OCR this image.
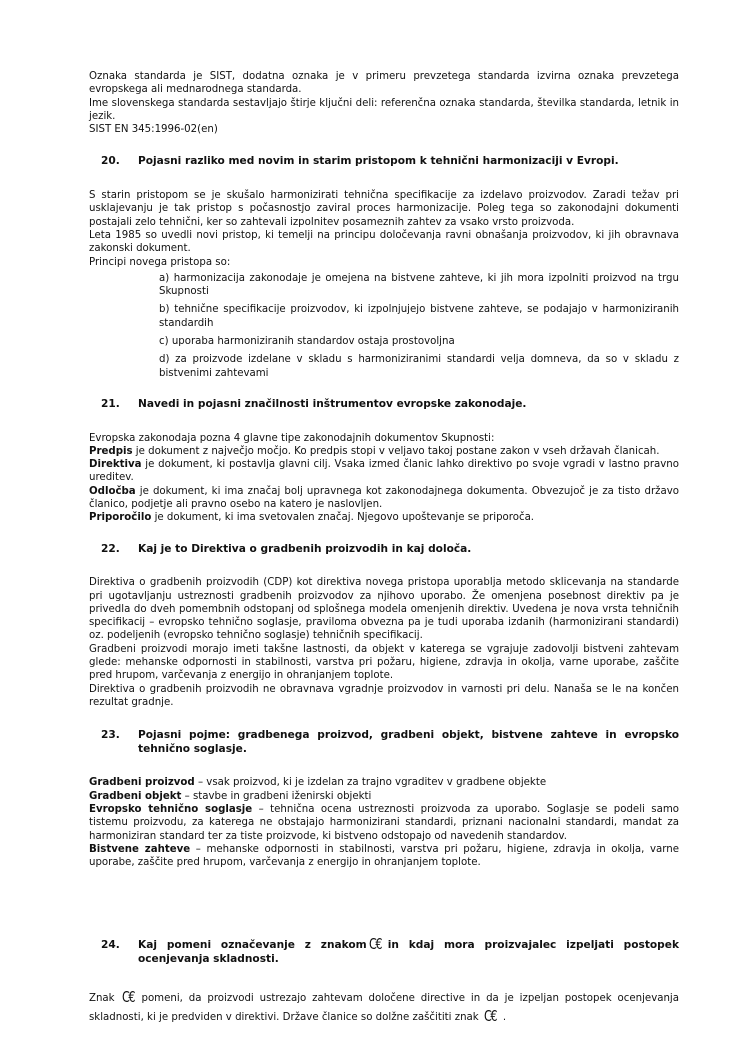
Oznaka standarda je SIST, dodatna oznaka je v primeru prevzetega standarda izvirna oznaka prevzetega evropskega ali mednarodnega standarda.

Ime slovenskega standarda sestavljajo štirje ključni deli: referenčna oznaka standarda, številka standarda, letnik in jezik.

SIST EN 345:1996-02(en)

20.	Pojasni razliko med novim in starim pristopom k tehnični harmonizaciji v Evropi.

S starin pristopom se je skušalo harmonizirati tehnična specifikacije za izdelavo proizvodov. Zaradi težav pri usklajevanju je tak pristop s počasnostjo zaviral proces harmonizacije. Poleg tega so zakonodajni dokumenti postajali zelo tehnični, ker so zahtevali izpolnitev posameznih zahtev za vsako vrsto proizvoda.

Leta 1985 so uvedli novi pristop, ki temelji na principu določevanja ravni obnašanja proizvodov, ki jih obravnava zakonski dokument.

Principi novega pristopa so:

a) harmonizacija zakonodaje je omejena na bistvene zahteve, ki jih mora izpolniti proizvod na trgu Skupnosti

b) tehnične specifikacije proizvodov, ki izpolnjujejo bistvene zahteve, se podajajo v harmoniziranih standardih

c) uporaba harmoniziranih standardov ostaja prostovoljna

d) za proizvode izdelane v skladu s harmoniziranimi standardi velja domneva, da so v skladu z bistvenimi zahtevami

21.	Navedi in pojasni značilnosti inštrumentov evropske zakonodaje.

Evropska zakonodaja pozna 4 glavne tipe zakonodajnih dokumentov Skupnosti:

Predpis je dokument z največjo močjo. Ko predpis stopi v veljavo takoj postane zakon v vseh državah članicah.

Direktiva je dokument, ki postavlja glavni cilj. Vsaka izmed članic lahko direktivo po svoje vgradi v lastno pravno ureditev.

Odločba je dokument, ki ima značaj bolj upravnega kot zakonodajnega dokumenta. Obvezujoč je za tisto državo članico, podjetje ali pravno osebo na katero je naslovljen.

Priporočilo je dokument, ki ima svetovalen značaj. Njegovo upoštevanje se priporoča.

22.	Kaj je to Direktiva o gradbenih proizvodih in kaj določa.

Direktiva o gradbenih proizvodih (CDP) kot direktiva novega pristopa uporablja metodo sklicevanja na standarde pri ugotavljanju ustreznosti gradbenih proizvodov za njihovo uporabo. Že omenjena posebnost direktiv pa je privedla do dveh pomembnih odstopanj od splošnega modela omenjenih direktiv. Uvedena je nova vrsta tehničnih specifikacij – evropsko tehnično soglasje, praviloma obvezna pa je tudi uporaba izdanih (harmonizirani standardi) oz. podeljenih (evropsko tehnično soglasje) tehničnih specifikacij.

Gradbeni proizvodi morajo imeti takšne lastnosti, da objekt v katerega se vgrajuje zadovolji bistveni zahtevam glede: mehanske odpornosti in stabilnosti, varstva pri požaru, higiene, zdravja in okolja, varne uporabe, zaščite pred hrupom, varčevanja z energijo in ohranjanjem toplote.

Direktiva o gradbenih proizvodih ne obravnava vgradnje proizvodov in varnosti pri delu. Nanaša se le na končen rezultat gradnje.

23.	Pojasni pojme: gradbenega proizvod, gradbeni objekt, bistvene zahteve in evropsko tehnično soglasje.

Gradbeni proizvod – vsak proizvod, ki je izdelan za trajno vgraditev v gradbene objekte

Gradbeni objekt – stavbe in gradbeni iženirski objekti

Evropsko tehnično soglasje – tehnična ocena ustreznosti proizvoda za uporabo. Soglasje se podeli samo tistemu proizvodu, za katerega ne obstajajo harmonizirani standardi, priznani nacionalni standardi, mandat za harmoniziran standard ter za tiste proizvode, ki bistveno odstopajo od navedenih standardov.

Bistvene zahteve – mehanske odpornosti in stabilnosti, varstva pri požaru, higiene, zdravja in okolja, varne uporabe, zaščite pred hrupom, varčevanja z energijo in ohranjanjem toplote.

24.	Kaj pomeni označevanje z znakom C€ in kdaj mora proizvajalec izpeljati postopek ocenjevanja skladnosti.

Znak C€ pomeni, da proizvodi ustrezajo zahtevam določene directive in da je izpeljan postopek ocenjevanja skladnosti, ki je predviden v direktivi. Države članice so dolžne zaščititi znak C€ .
